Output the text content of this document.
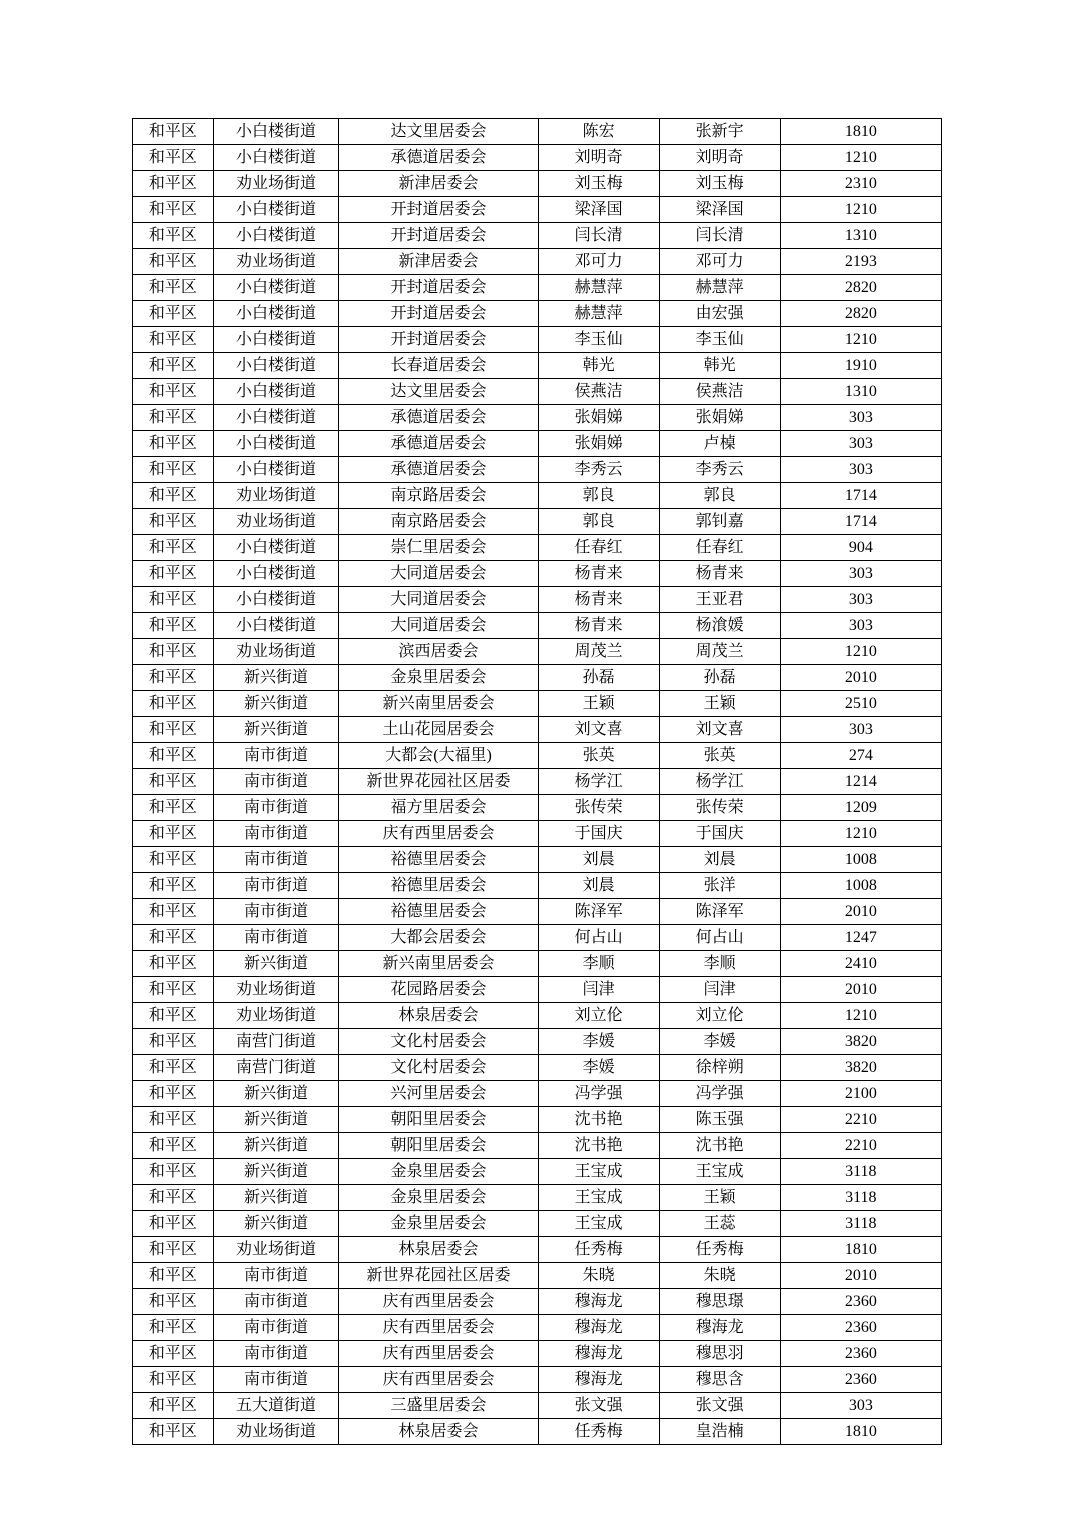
和平区	小白楼街道	达文里居委会	陈宏	张新宇	1810
和平区	小白楼街道	承德道居委会	刘明奇	刘明奇	1210
和平区	劝业场街道	新津居委会	刘玉梅	刘玉梅	2310
和平区	小白楼街道	开封道居委会	梁泽国	梁泽国	1210
和平区	小白楼街道	开封道居委会	闫长清	闫长清	1310
和平区	劝业场街道	新津居委会	邓可力	邓可力	2193
和平区	小白楼街道	开封道居委会	赫慧萍	赫慧萍	2820
和平区	小白楼街道	开封道居委会	赫慧萍	由宏强	2820
和平区	小白楼街道	开封道居委会	李玉仙	李玉仙	1210
和平区	小白楼街道	长春道居委会	韩光	韩光	1910
和平区	小白楼街道	达文里居委会	侯燕洁	侯燕洁	1310
和平区	小白楼街道	承德道居委会	张娟娣	张娟娣	303
和平区	小白楼街道	承德道居委会	张娟娣	卢槕	303
和平区	小白楼街道	承德道居委会	李秀云	李秀云	303
和平区	劝业场街道	南京路居委会	郭良	郭良	1714
和平区	劝业场街道	南京路居委会	郭良	郭钊嘉	1714
和平区	小白楼街道	崇仁里居委会	任春红	任春红	904
和平区	小白楼街道	大同道居委会	杨青来	杨青来	303
和平区	小白楼街道	大同道居委会	杨青来	王亚君	303
和平区	小白楼街道	大同道居委会	杨青来	杨湌媛	303
和平区	劝业场街道	滨西居委会	周茂兰	周茂兰	1210
和平区	新兴街道	金泉里居委会	孙磊	孙磊	2010
和平区	新兴街道	新兴南里居委会	王颖	王颖	2510
和平区	新兴街道	土山花园居委会	刘文喜	刘文喜	303
和平区	南市街道	大都会(大福里)	张英	张英	274
和平区	南市街道	新世界花园社区居委	杨学江	杨学江	1214
和平区	南市街道	福方里居委会	张传荣	张传荣	1209
和平区	南市街道	庆有西里居委会	于国庆	于国庆	1210
和平区	南市街道	裕德里居委会	刘晨	刘晨	1008
和平区	南市街道	裕德里居委会	刘晨	张洋	1008
和平区	南市街道	裕德里居委会	陈泽军	陈泽军	2010
和平区	南市街道	大都会居委会	何占山	何占山	1247
和平区	新兴街道	新兴南里居委会	李顺	李顺	2410
和平区	劝业场街道	花园路居委会	闫津	闫津	2010
和平区	劝业场街道	林泉居委会	刘立伦	刘立伦	1210
和平区	南营门街道	文化村居委会	李媛	李媛	3820
和平区	南营门街道	文化村居委会	李媛	徐梓朔	3820
和平区	新兴街道	兴河里居委会	冯学强	冯学强	2100
和平区	新兴街道	朝阳里居委会	沈书艳	陈玉强	2210
和平区	新兴街道	朝阳里居委会	沈书艳	沈书艳	2210
和平区	新兴街道	金泉里居委会	王宝成	王宝成	3118
和平区	新兴街道	金泉里居委会	王宝成	王颖	3118
和平区	新兴街道	金泉里居委会	王宝成	王蕊	3118
和平区	劝业场街道	林泉居委会	任秀梅	任秀梅	1810
和平区	南市街道	新世界花园社区居委	朱晓	朱晓	2010
和平区	南市街道	庆有西里居委会	穆海龙	穆思璟	2360
和平区	南市街道	庆有西里居委会	穆海龙	穆海龙	2360
和平区	南市街道	庆有西里居委会	穆海龙	穆思羽	2360
和平区	南市街道	庆有西里居委会	穆海龙	穆思含	2360
和平区	五大道街道	三盛里居委会	张文强	张文强	303
和平区	劝业场街道	林泉居委会	任秀梅	皇浩楠	1810
